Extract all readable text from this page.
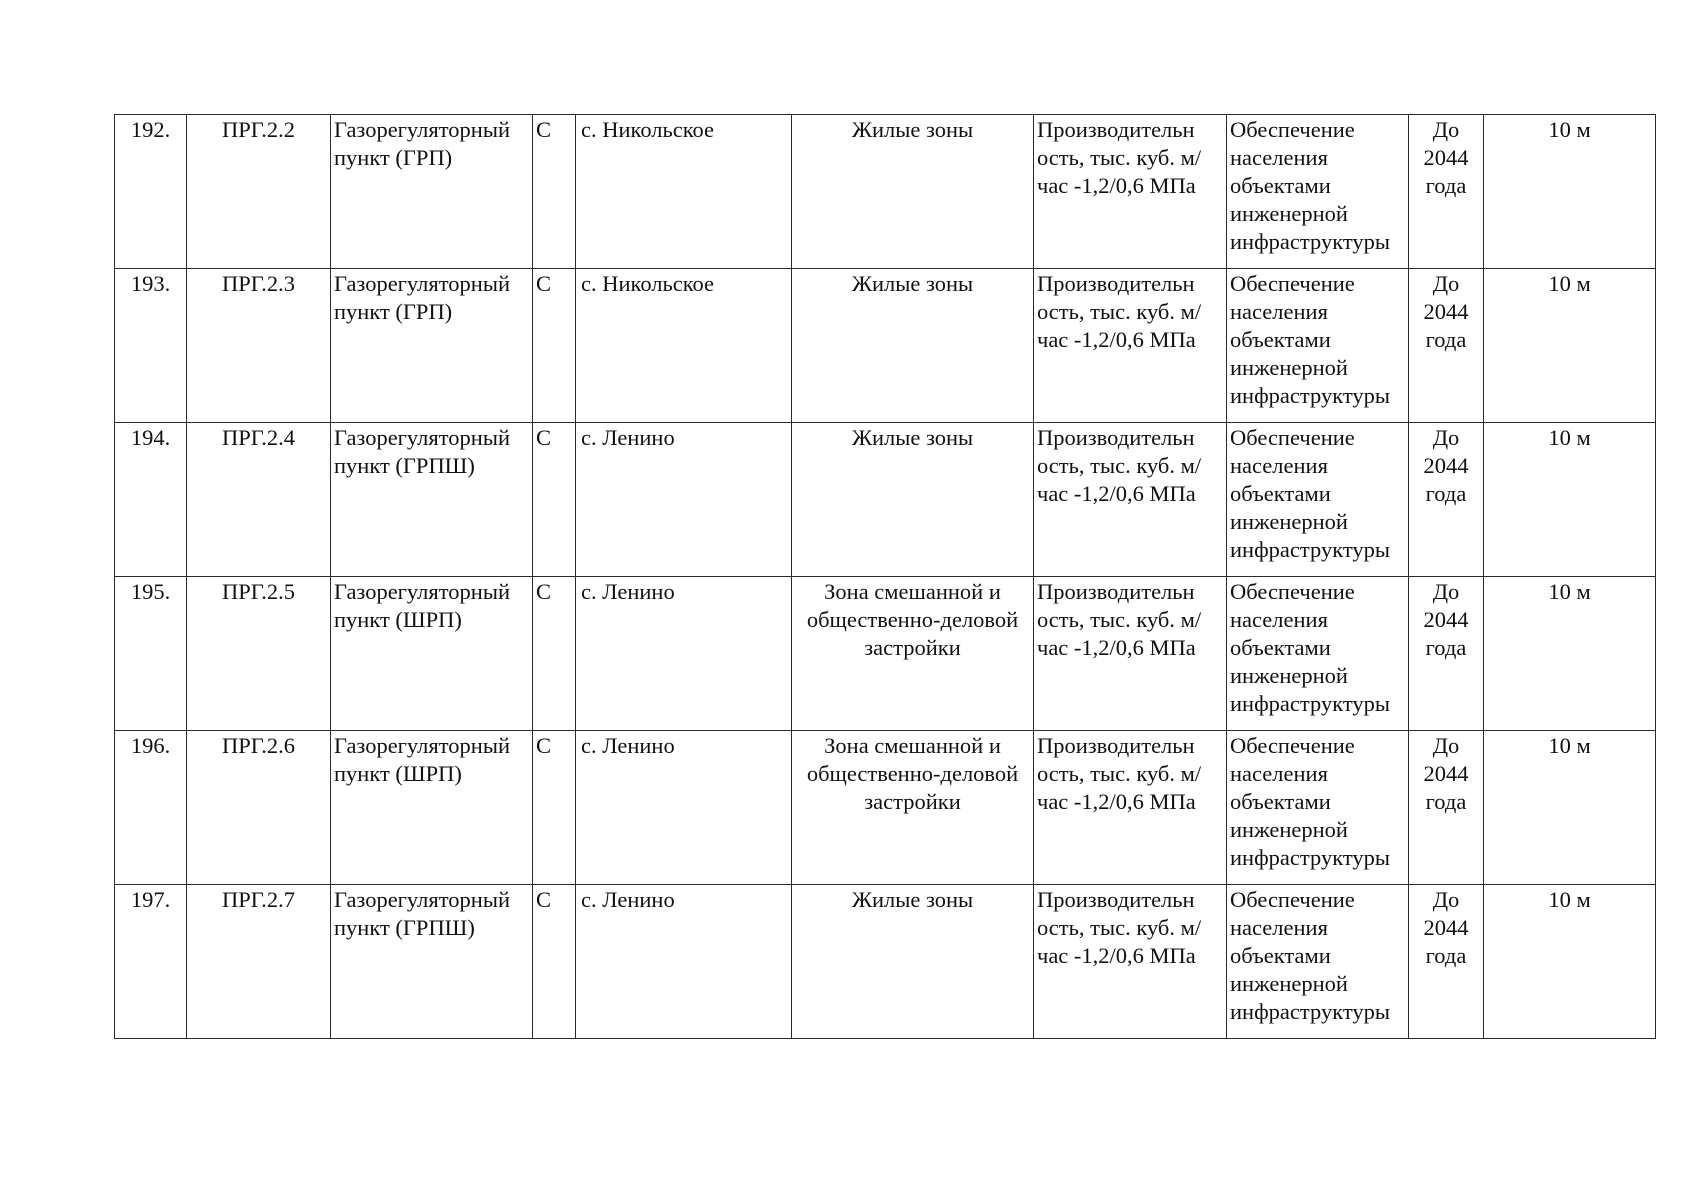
192.	ПРГ.2.2	Газорегуляторный пункт (ГРП)	С	с. Никольское	Жилые зоны	Производительн ость, тыс. куб. м/час -1,2/0,6 МПа	Обеспечение населения объектами инженерной инфраструктуры	До 2044 года	10 м
193.	ПРГ.2.3	Газорегуляторный пункт (ГРП)	С	с. Никольское	Жилые зоны	Производительн ость, тыс. куб. м/час -1,2/0,6 МПа	Обеспечение населения объектами инженерной инфраструктуры	До 2044 года	10 м
194.	ПРГ.2.4	Газорегуляторный пункт (ГРПШ)	С	с. Ленино	Жилые зоны	Производительн ость, тыс. куб. м/час -1,2/0,6 МПа	Обеспечение населения объектами инженерной инфраструктуры	До 2044 года	10 м
195.	ПРГ.2.5	Газорегуляторный пункт (ШРП)	С	с. Ленино	Зона смешанной и общественно-деловой застройки	Производительн ость, тыс. куб. м/час -1,2/0,6 МПа	Обеспечение населения объектами инженерной инфраструктуры	До 2044 года	10 м
196.	ПРГ.2.6	Газорегуляторный пункт (ШРП)	С	с. Ленино	Зона смешанной и общественно-деловой застройки	Производительн ость, тыс. куб. м/час -1,2/0,6 МПа	Обеспечение населения объектами инженерной инфраструктуры	До 2044 года	10 м
197.	ПРГ.2.7	Газорегуляторный пункт (ГРПШ)	С	с. Ленино	Жилые зоны	Производительн ость, тыс. куб. м/час -1,2/0,6 МПа	Обеспечение населения объектами инженерной инфраструктуры	До 2044 года	10 м
